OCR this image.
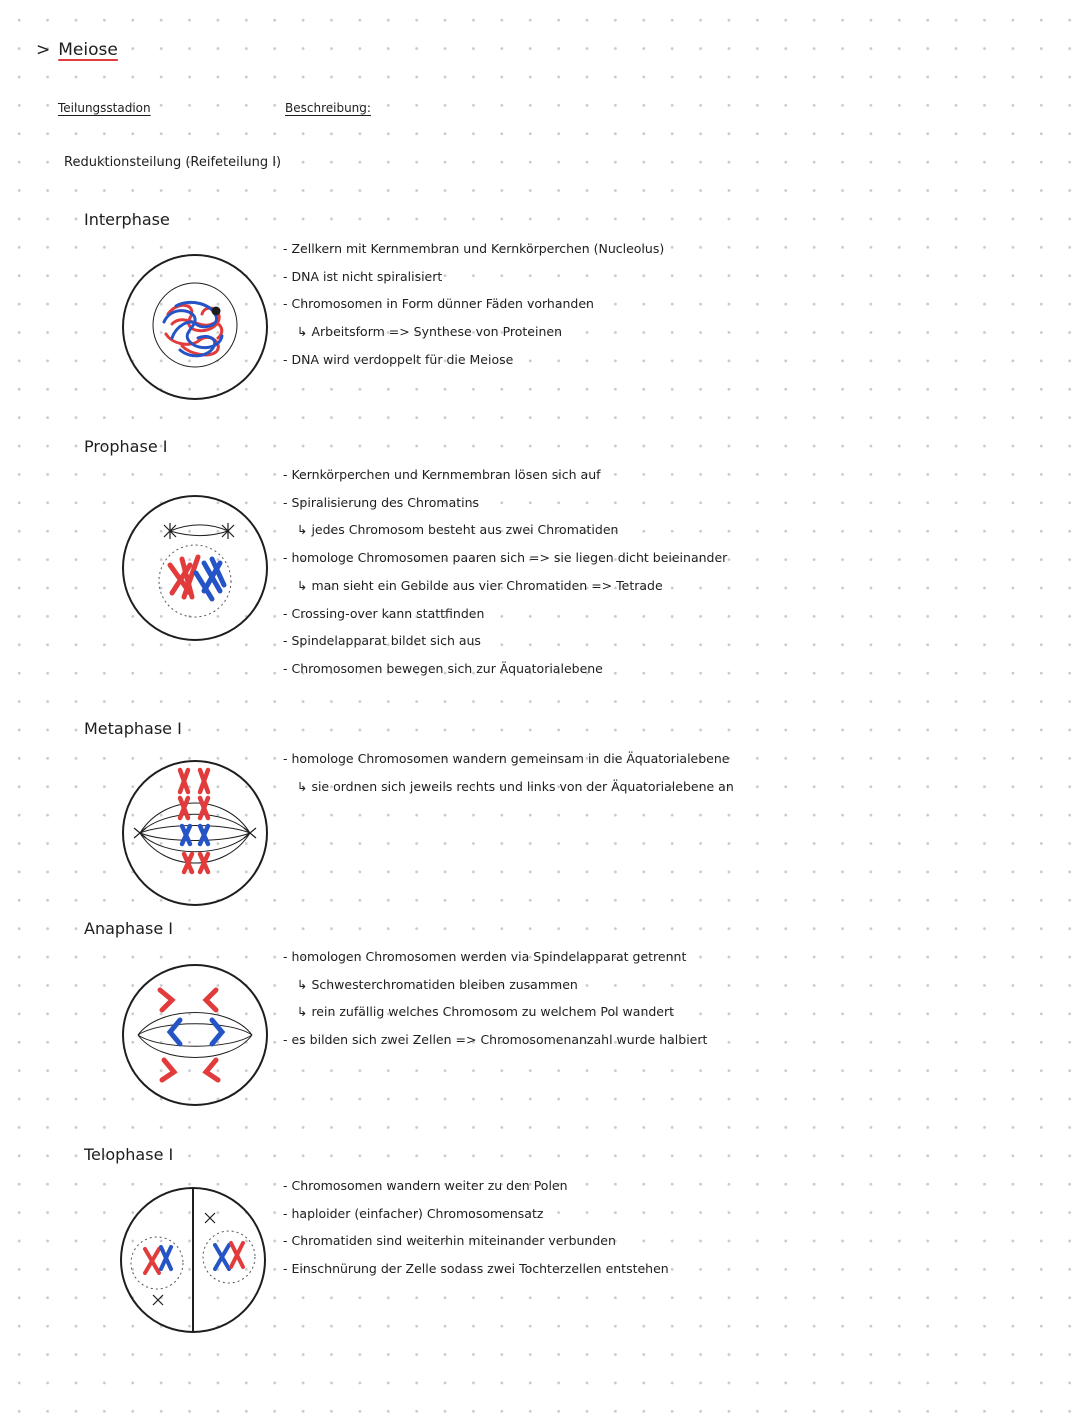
> Meiose
Teilungsstadion	Beschreibung:
Reduktionsteilung (Reifeteilung I)
Interphase
Prophase I
Metaphase I
Anaphase I
Telophase I
- Zellkern mit Kernmembran und Kernkörperchen (Nucleolus)
- DNA ist nicht spiralisiert
- Chromosomen in Form dünner Fäden vorhanden
↳ Arbeitsform => Synthese von Proteinen
- DNA wird verdoppelt für die Meiose
- Kernkörperchen und Kernmembran lösen sich auf
- Spiralisierung des Chromatins
↳ jedes Chromosom besteht aus zwei Chromatiden
- homologe Chromosomen paaren sich => sie liegen dicht beieinander
↳ man sieht ein Gebilde aus vier Chromatiden => Tetrade
- Crossing-over kann stattfinden
- Spindelapparat bildet sich aus
- Chromosomen bewegen sich zur Äquatorialebene
- homologe Chromosomen wandern gemeinsam in die Äquatorialebene
↳ sie ordnen sich jeweils rechts und links von der Äquatorialebene an
- homologen Chromosomen werden via Spindelapparat getrennt
↳ Schwesterchromatiden bleiben zusammen
↳ rein zufällig welches Chromosom zu welchem Pol wandert
- es bilden sich zwei Zellen => Chromosomenanzahl wurde halbiert
- Chromosomen wandern weiter zu den Polen
- haploider (einfacher) Chromosomensatz
- Chromatiden sind weiterhin miteinander verbunden
- Einschnürung der Zelle sodass zwei Tochterzellen entstehen
